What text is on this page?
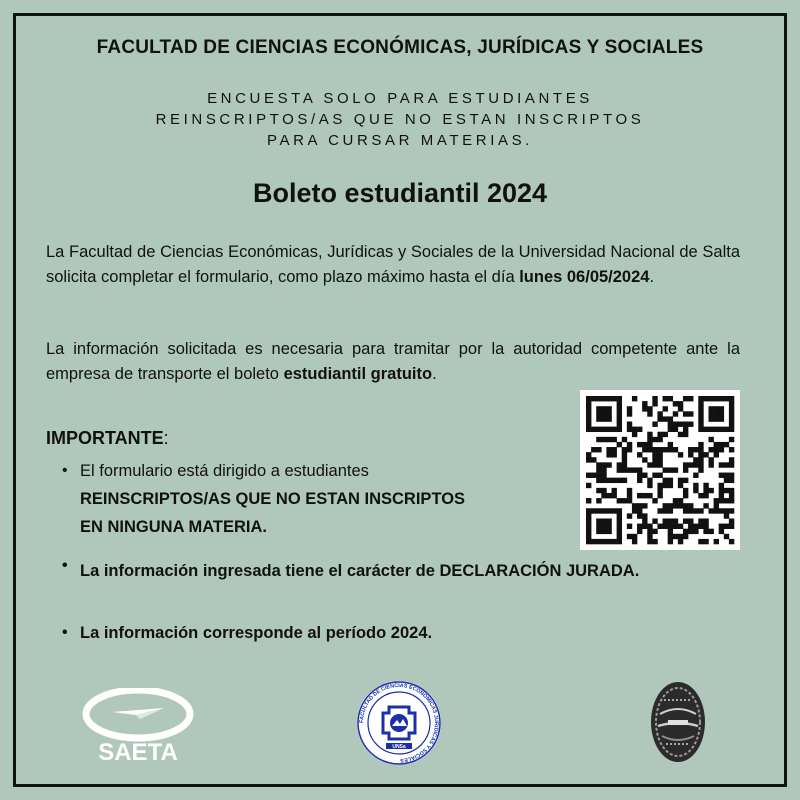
FACULTAD DE CIENCIAS ECONÓMICAS, JURÍDICAS Y SOCIALES
ENCUESTA SOLO PARA ESTUDIANTES
REINSCRIPTOS/AS QUE NO ESTAN INSCRIPTOS
PARA CURSAR MATERIAS.
Boleto estudiantil 2024
La Facultad de Ciencias Económicas, Jurídicas y Sociales de la Universidad Nacional de Salta solicita completar el formulario, como plazo máximo hasta el día lunes 06/05/2024.
La información solicitada es necesaria para tramitar por la autoridad competente ante la empresa de transporte el boleto estudiantil gratuito.
IMPORTANTE:
• El formulario está dirigido a estudiantes
REINSCRIPTOS/AS QUE NO ESTAN INSCRIPTOS
EN NINGUNA MATERIA.
• La información ingresada tiene el carácter de DECLARACIÓN JURADA.
• La información corresponde al período 2024.
SAETA
FACULTAD DE CIENCIAS ECONOMICAS JURIDICAS Y SOCIALES
UNSa
